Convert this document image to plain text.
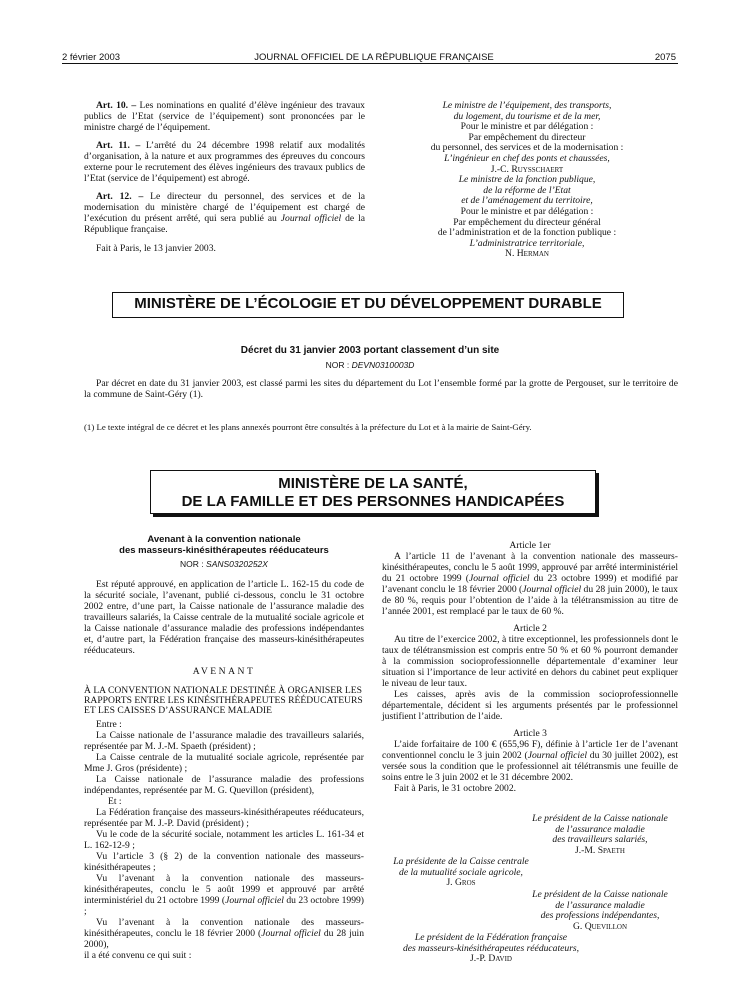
2 février 2003	JOURNAL OFFICIEL DE LA RÉPUBLIQUE FRANÇAISE	2075

Art. 10. – Les nominations en qualité d’élève ingénieur des travaux publics de l’Etat (service de l’équipement) sont prononcées par le ministre chargé de l’équipement.

Art. 11. – L’arrêté du 24 décembre 1998 relatif aux modalités d’organisation, à la nature et aux programmes des épreuves du concours externe pour le recrutement des élèves ingénieurs des travaux publics de l’Etat (service de l’équipement) est abrogé.

Art. 12. – Le directeur du personnel, des services et de la modernisation du ministère chargé de l’équipement est chargé de l’exécution du présent arrêté, qui sera publié au Journal officiel de la République française.

Fait à Paris, le 13 janvier 2003.

Le ministre de l’équipement, des transports,
du logement, du tourisme et de la mer,
Pour le ministre et par délégation :
Par empêchement du directeur
du personnel, des services et de la modernisation :
L’ingénieur en chef des ponts et chaussées,
J.-C. Ruysschaert
Le ministre de la fonction publique,
de la réforme de l’Etat
et de l’aménagement du territoire,
Pour le ministre et par délégation :
Par empêchement du directeur général
de l’administration et de la fonction publique :
L’administratrice territoriale,
N. Herman
MINISTÈRE DE L’ÉCOLOGIE ET DU DÉVELOPPEMENT DURABLE
Décret du 31 janvier 2003 portant classement d’un site
NOR : DEVN0310003D

Par décret en date du 31 janvier 2003, est classé parmi les sites du département du Lot l’ensemble formé par la grotte de Pergouset, sur le territoire de la commune de Saint-Géry (1).

(1) Le texte intégral de ce décret et les plans annexés pourront être consultés à la préfecture du Lot et à la mairie de Saint-Géry.

MINISTÈRE DE LA SANTÉ,
DE LA FAMILLE ET DES PERSONNES HANDICAPÉES
Avenant à la convention nationale
des masseurs-kinésithérapeutes rééducateurs
NOR : SANS0320252X

Est réputé approuvé, en application de l’article L. 162-15 du code de la sécurité sociale, l’avenant, publié ci-dessous, conclu le 31 octobre 2002 entre, d’une part, la Caisse nationale de l’assurance maladie des travailleurs salariés, la Caisse centrale de la mutualité sociale agricole et la Caisse nationale d’assurance maladie des professions indépendantes et, d’autre part, la Fédération française des masseurs-kinésithérapeutes rééducateurs.

AVENANT

À LA CONVENTION NATIONALE DESTINÉE À ORGANISER LES RAPPORTS ENTRE LES KINÉSITHÉRAPEUTES RÉÉDUCATEURS ET LES CAISSES D’ASSURANCE MALADIE

Entre :

La Caisse nationale de l’assurance maladie des travailleurs salariés, représentée par M. J.-M. Spaeth (président) ;

La Caisse centrale de la mutualité sociale agricole, représentée par Mme J. Gros (présidente) ;

La Caisse nationale de l’assurance maladie des professions indépendantes, représentée par M. G. Quevillon (président),

Et :

La Fédération française des masseurs-kinésithérapeutes rééducateurs, représentée par M. J.-P. David (président) ;

Vu le code de la sécurité sociale, notamment les articles L. 161-34 et L. 162-12-9 ;

Vu l’article 3 (§ 2) de la convention nationale des masseurs-kinésithérapeutes ;

Vu l’avenant à la convention nationale des masseurs-kinésithérapeutes, conclu le 5 août 1999 et approuvé par arrêté interministériel du 21 octobre 1999 (Journal officiel du 23 octobre 1999) ;

Vu l’avenant à la convention nationale des masseurs-kinésithérapeutes, conclu le 18 février 2000 (Journal officiel du 28 juin 2000),

il a été convenu ce qui suit :

Article 1er

A l’article 11 de l’avenant à la convention nationale des masseurs-kinésithérapeutes, conclu le 5 août 1999, approuvé par arrêté interministériel du 21 octobre 1999 (Journal officiel du 23 octobre 1999) et modifié par l’avenant conclu le 18 février 2000 (Journal officiel du 28 juin 2000), le taux de 80 %, requis pour l’obtention de l’aide à la télétransmission au titre de l’année 2001, est remplacé par le taux de 60 %.

Article 2

Au titre de l’exercice 2002, à titre exceptionnel, les professionnels dont le taux de télétransmission est compris entre 50 % et 60 % pourront demander à la commission socioprofessionnelle départementale d’examiner leur situation si l’importance de leur activité en dehors du cabinet peut expliquer le niveau de leur taux.

Les caisses, après avis de la commission socioprofessionnelle départementale, décident si les arguments présentés par le professionnel justifient l’attribution de l’aide.

Article 3

L’aide forfaitaire de 100 € (655,96 F), définie à l’article 1er de l’avenant conventionnel conclu le 3 juin 2002 (Journal officiel du 30 juillet 2002), est versée sous la condition que le professionnel ait télétransmis une feuille de soins entre le 3 juin 2002 et le 31 décembre 2002.

Fait à Paris, le 31 octobre 2002.

Le président de la Caisse nationale
de l’assurance maladie
des travailleurs salariés,
J.-M. Spaeth
La présidente de la Caisse centrale
de la mutualité sociale agricole,
J. Gros
Le président de la Caisse nationale
de l’assurance maladie
des professions indépendantes,
G. Quevillon
Le président de la Fédération française
des masseurs-kinésithérapeutes rééducateurs,
J.-P. David
